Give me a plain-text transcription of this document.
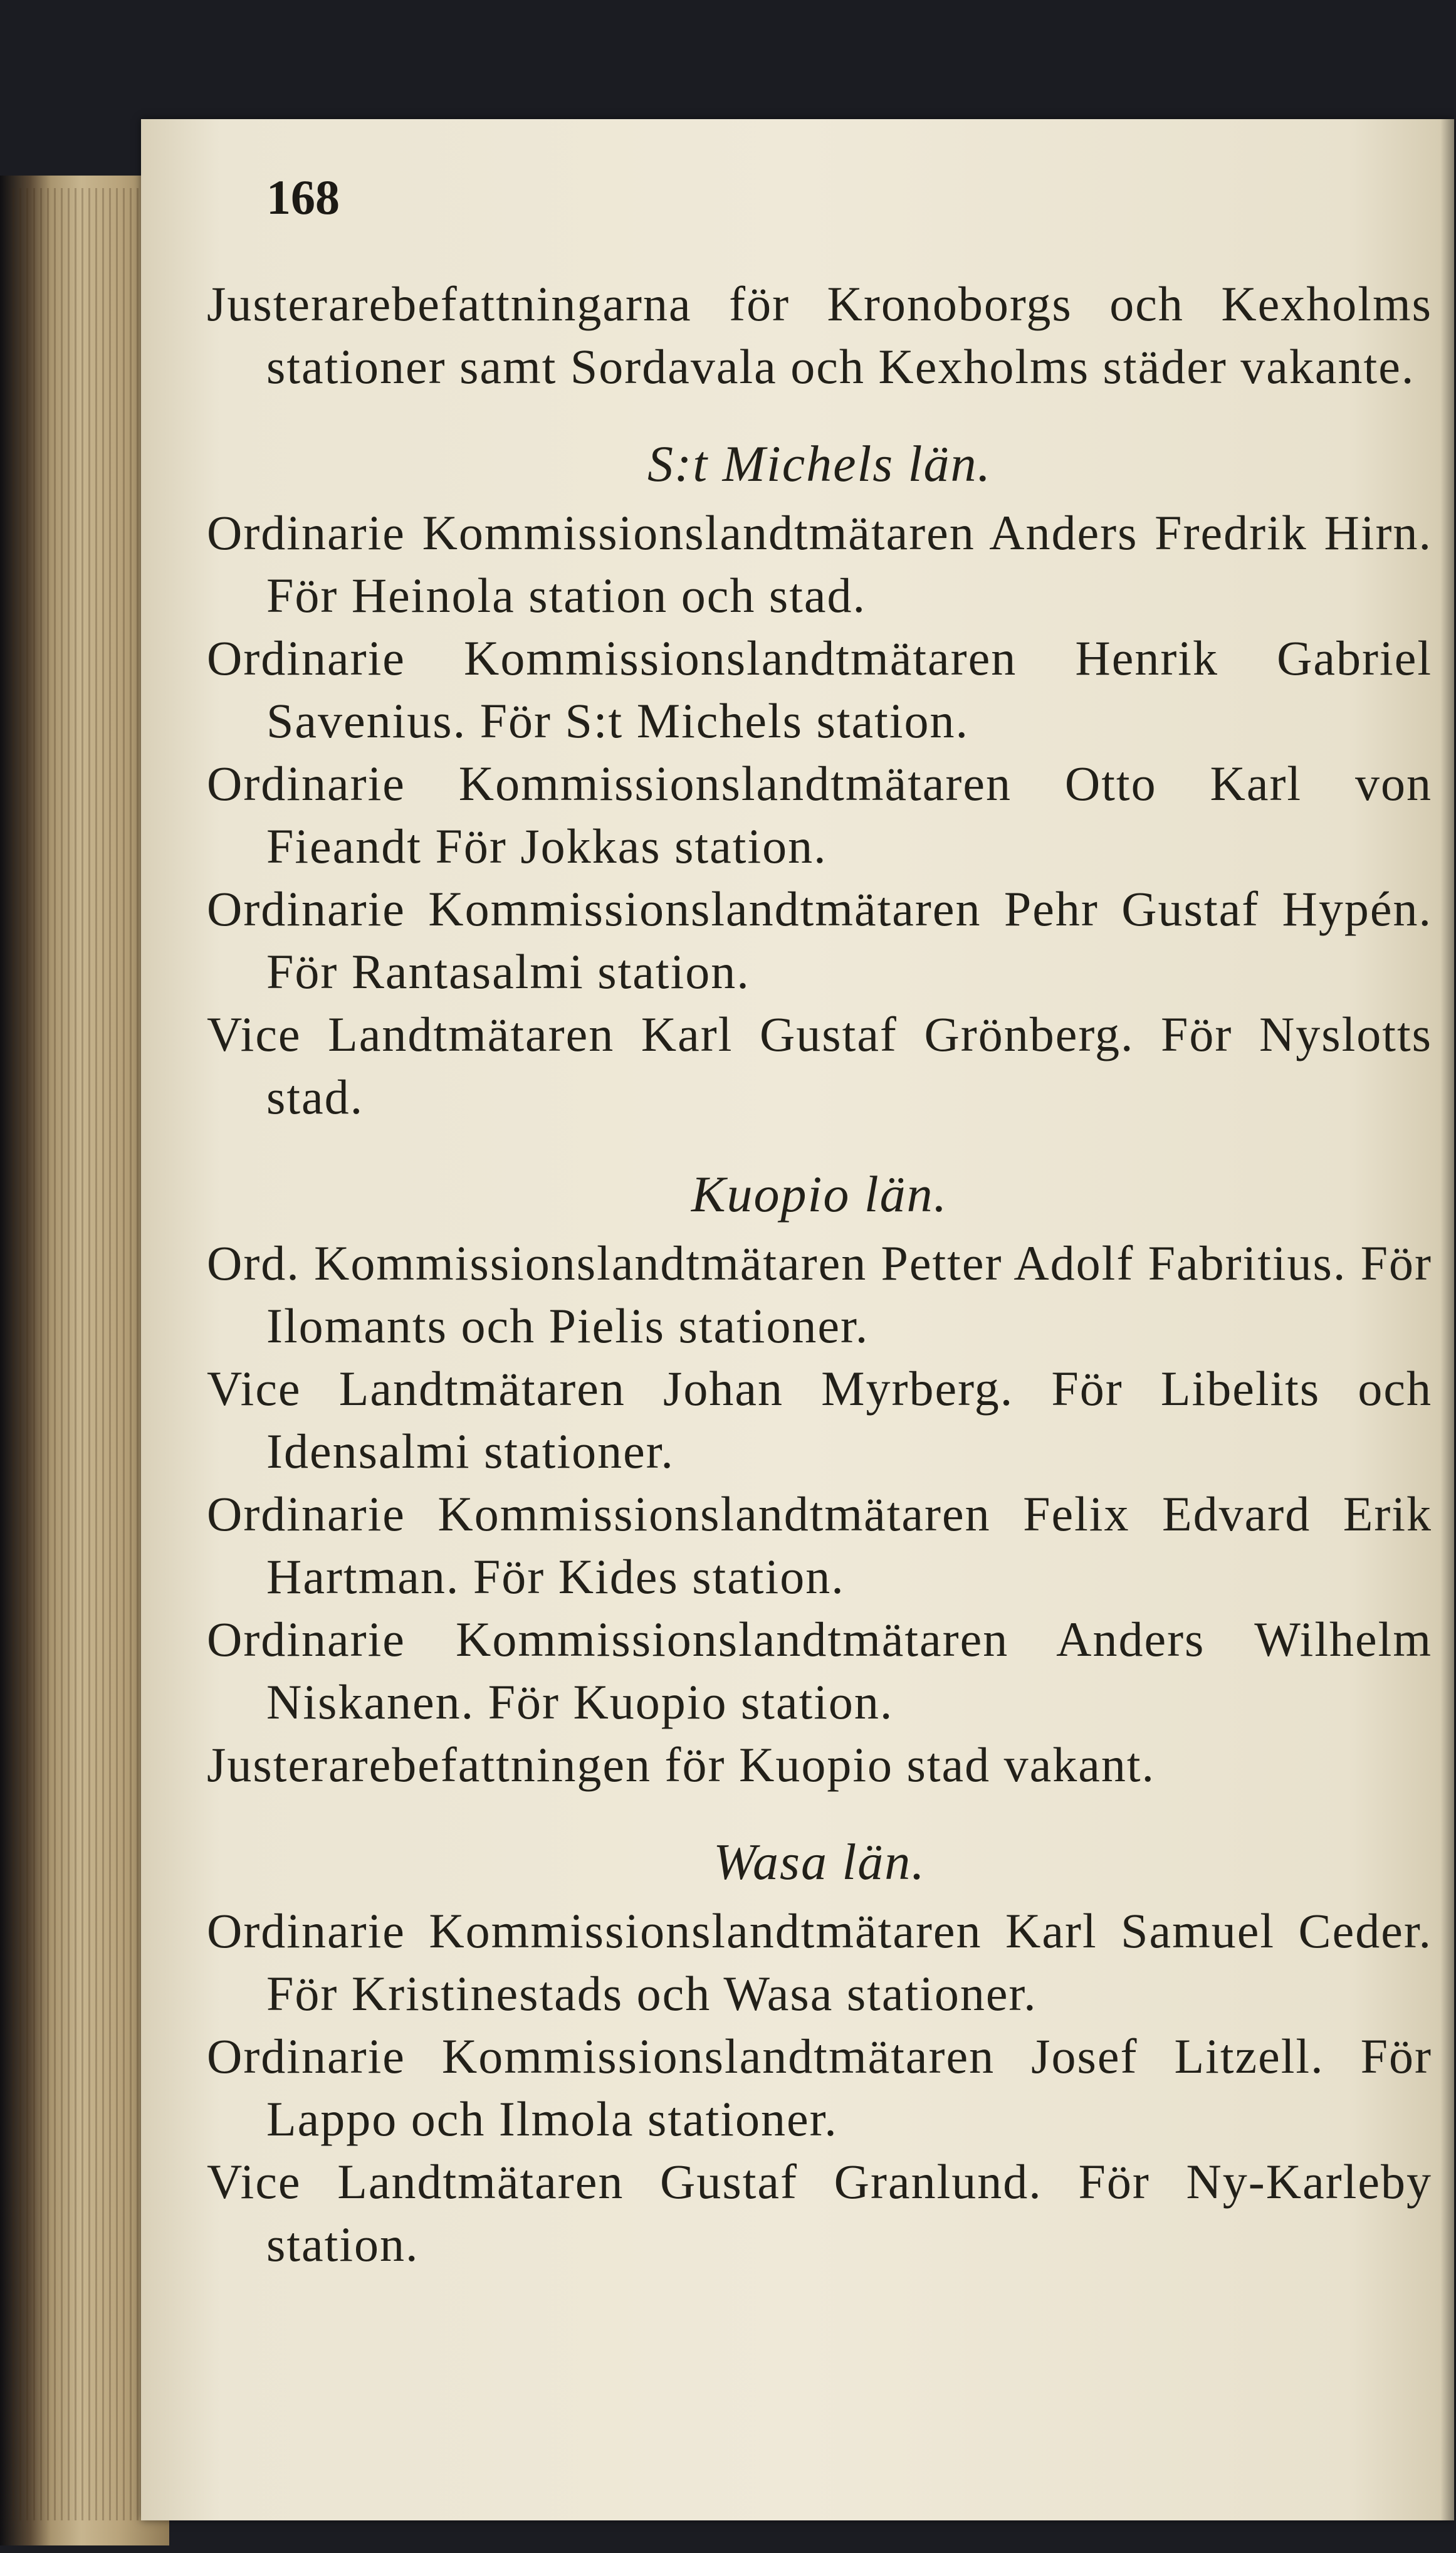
168

Justerarebefattningarna för Kronoborgs och Kexholms stationer samt Sordavala och Kexholms städer vakante.

S:t Michels län.

Ordinarie Kommissionslandtmätaren Anders Fredrik Hirn. För Heinola station och stad.

Ordinarie Kommissionslandtmätaren Henrik Gabriel Savenius. För S:t Michels station.

Ordinarie Kommissionslandtmätaren Otto Karl von Fieandt För Jokkas station.

Ordinarie Kommissionslandtmätaren Pehr Gustaf Hypén. För Rantasalmi station.

Vice Landtmätaren Karl Gustaf Grönberg. För Nyslotts stad.

Kuopio län.

Ord. Kommissionslandtmätaren Petter Adolf Fabritius. För Ilomants och Pielis stationer.

Vice Landtmätaren Johan Myrberg. För Libelits och Idensalmi stationer.

Ordinarie Kommissionslandtmätaren Felix Edvard Erik Hartman. För Kides station.

Ordinarie Kommissionslandtmätaren Anders Wilhelm Niskanen. För Kuopio station.

Justerarebefattningen för Kuopio stad vakant.

Wasa län.

Ordinarie Kommissionslandtmätaren Karl Samuel Ceder. För Kristinestads och Wasa stationer.

Ordinarie Kommissionslandtmätaren Josef Litzell. För Lappo och Ilmola stationer.

Vice Landtmätaren Gustaf Granlund. För Ny-Karleby station.
